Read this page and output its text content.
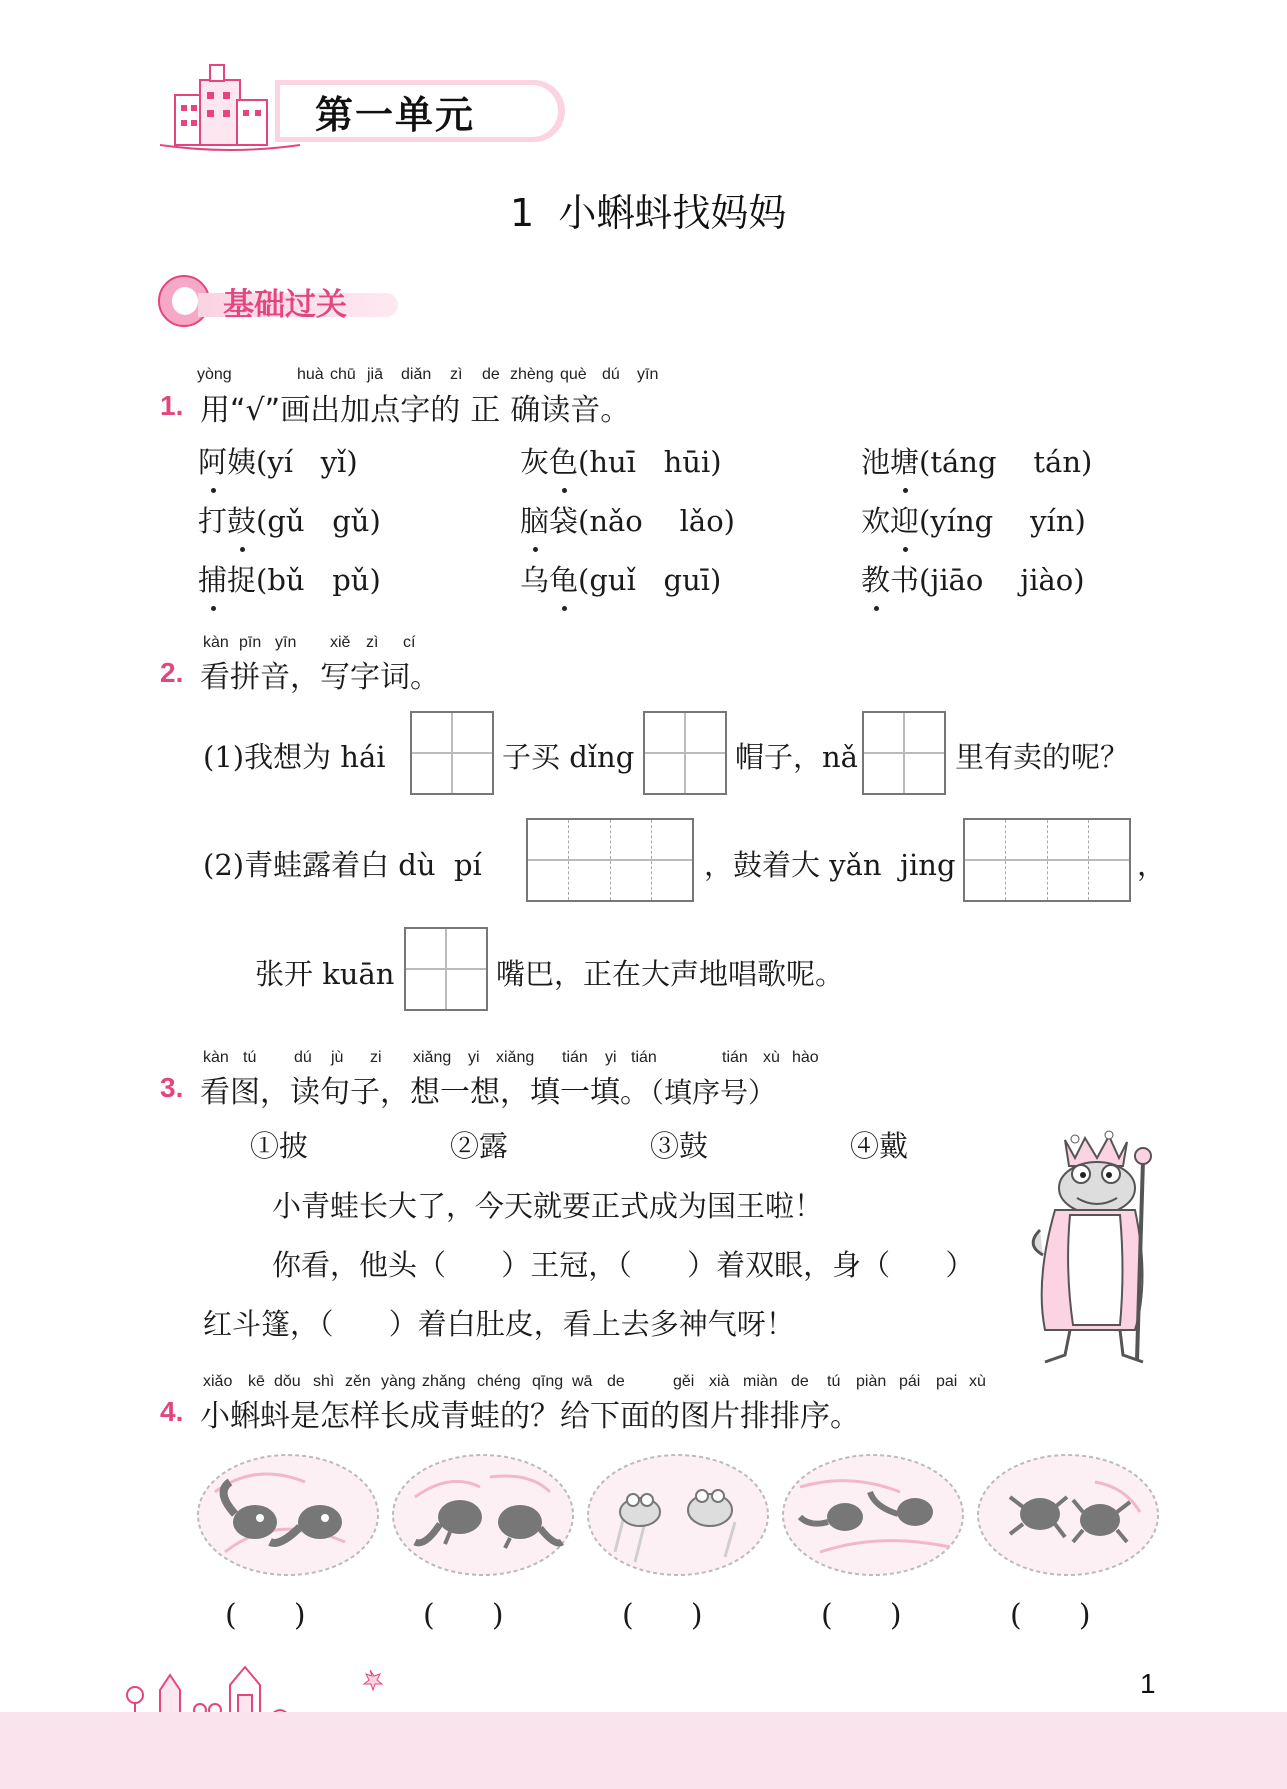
第一单元
1  小蝌蚪找妈妈
基础过关
yòng	huà chū jiā diǎn zì de zhèng què dú yīn
1. 用“√”画出加点字的 正 确读音。
阿姨(yí   yǐ)	灰色(huī   hūi)	池塘(táng    tán)
打鼓(gǔ   gǔ)	脑袋(nǎo    lǎo)	欢迎(yíng    yín)
捕捉(bǔ   pǔ)	乌龟(guǐ   guī)	教书(jiāo    jiào)
kàn pīn yīn xiě zì cí
2. 看拼音，写字词。
(1)我想为 hái	子买 dǐng	帽子，nǎ	里有卖的呢？
(2)青蛙露着白 dù  pí	，鼓着大 yǎn  jing	，
张开 kuān	嘴巴，正在大声地唱歌呢。
kàn tú dú jù zi xiǎng yi xiǎng tián yi tián	tián xù hào
3. 看图，读句子，想一想，填一填。（填序号）
①披	②露	③鼓	④戴
小青蛙长大了，今天就要正式成为国王啦！
你看，他头（      ）王冠，（      ）着双眼，身（      ）
红斗篷，（      ）着白肚皮，看上去多神气呀！
xiǎo kē dǒu shì zěn yàng zhǎng chéng qīng wā de	gěi xià miàn de tú piàn pái pai xù
4. 小蝌蚪是怎样长成青蛙的？给下面的图片排排序。
(      )	(      )	(      )	(      )	(      )
1
